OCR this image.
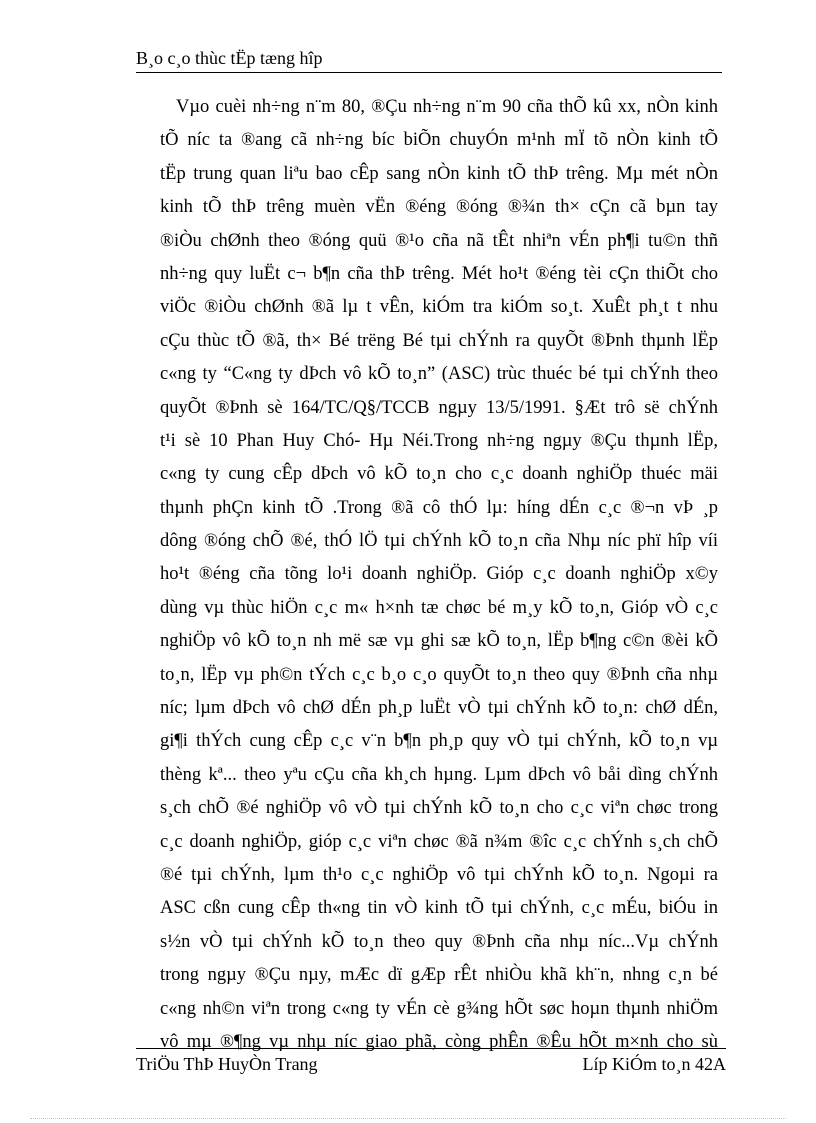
B¸o c¸o thùc tËp tæng hîp
Vµo cuèi nh÷ng n¨m 80, ®Çu nh÷ng n¨m 90 cña thÕ kû xx, nÒn kinh
tÕ níc ta ®ang cã nh÷ng bíc biÕn chuyÓn m¹nh mÏ tõ nÒn kinh tÕ
tËp trung quan liªu bao cÊp sang nÒn kinh tÕ thÞ trêng. Mµ mét nÒn
kinh tÕ thÞ trêng muèn vËn ®éng ®óng ®¾n th× cÇn cã bµn tay
®iÒu chØnh theo ®óng quü ®¹o cña nã tÊt nhiªn vÉn ph¶i tu©n thñ
nh÷ng quy luËt c¬ b¶n cña thÞ trêng. Mét ho¹t ®éng tèi cÇn thiÕt cho
viÖc ®iÒu chØnh ®ã lµ t vÊn, kiÓm tra kiÓm so¸t. XuÊt ph¸t t nhu
cÇu thùc tÕ ®ã, th× Bé trëng Bé tµi chÝnh ra quyÕt ®Þnh thµnh lËp
c«ng ty “C«ng ty dÞch vô kÕ to¸n” (ASC) trùc thuéc bé tµi chÝnh theo
quyÕt ®Þnh sè 164/TC/Q§/TCCB ngµy 13/5/1991. §Æt trô së chÝnh
t¹i sè 10 Phan Huy Chó- Hµ Néi.Trong nh÷ng ngµy ®Çu thµnh lËp,
c«ng ty cung cÊp dÞch vô kÕ to¸n cho c¸c doanh nghiÖp thuéc mäi
thµnh phÇn kinh tÕ .Trong ®ã cô thÓ lµ: híng dÉn c¸c ®¬n vÞ ¸p
dông ®óng chÕ ®é, thÓ lÖ tµi chÝnh kÕ to¸n cña Nhµ níc phï hîp víi
ho¹t ®éng cña tõng lo¹i doanh nghiÖp. Gióp c¸c doanh nghiÖp x©y
dùng vµ thùc hiÖn c¸c m« h×nh tæ chøc bé m¸y kÕ to¸n, Gióp vÒ c¸c
nghiÖp vô kÕ to¸n nh më sæ vµ ghi sæ kÕ to¸n, lËp b¶ng c©n ®èi kÕ
to¸n, lËp vµ ph©n tÝch c¸c b¸o c¸o quyÕt to¸n theo quy ®Þnh cña nhµ
níc; lµm dÞch vô chØ dÉn ph¸p luËt vÒ tµi chÝnh kÕ to¸n: chØ dÉn,
gi¶i thÝch cung cÊp c¸c v¨n b¶n ph¸p quy vÒ tµi chÝnh, kÕ to¸n vµ
thèng kª... theo yªu cÇu cña kh¸ch hµng. Lµm dÞch vô båi dìng chÝnh
s¸ch chÕ ®é nghiÖp vô vÒ tµi chÝnh kÕ to¸n cho c¸c viªn chøc trong
c¸c doanh nghiÖp, gióp c¸c viªn chøc ®ã n¾m ®îc c¸c chÝnh s¸ch chÕ
®é tµi chÝnh, lµm th¹o c¸c nghiÖp vô tµi chÝnh kÕ to¸n. Ngoµi ra
ASC cßn cung cÊp th«ng tin vÒ kinh tÕ tµi chÝnh, c¸c mÉu, biÓu in
s½n vÒ tµi chÝnh kÕ to¸n theo quy ®Þnh cña nhµ níc...Vµ chÝnh
trong ngµy ®Çu nµy, mÆc dï gÆp rÊt nhiÒu khã kh¨n, nhng c¸n bé
c«ng nh©n viªn trong c«ng ty vÉn cè g¾ng hÕt søc hoµn thµnh nhiÖm
vô mµ ®¶ng vµ nhµ níc giao phã, còng phÊn ®Êu hÕt m×nh cho sù
TriÖu ThÞ HuyÒn Trang	Líp KiÓm to¸n 42A
